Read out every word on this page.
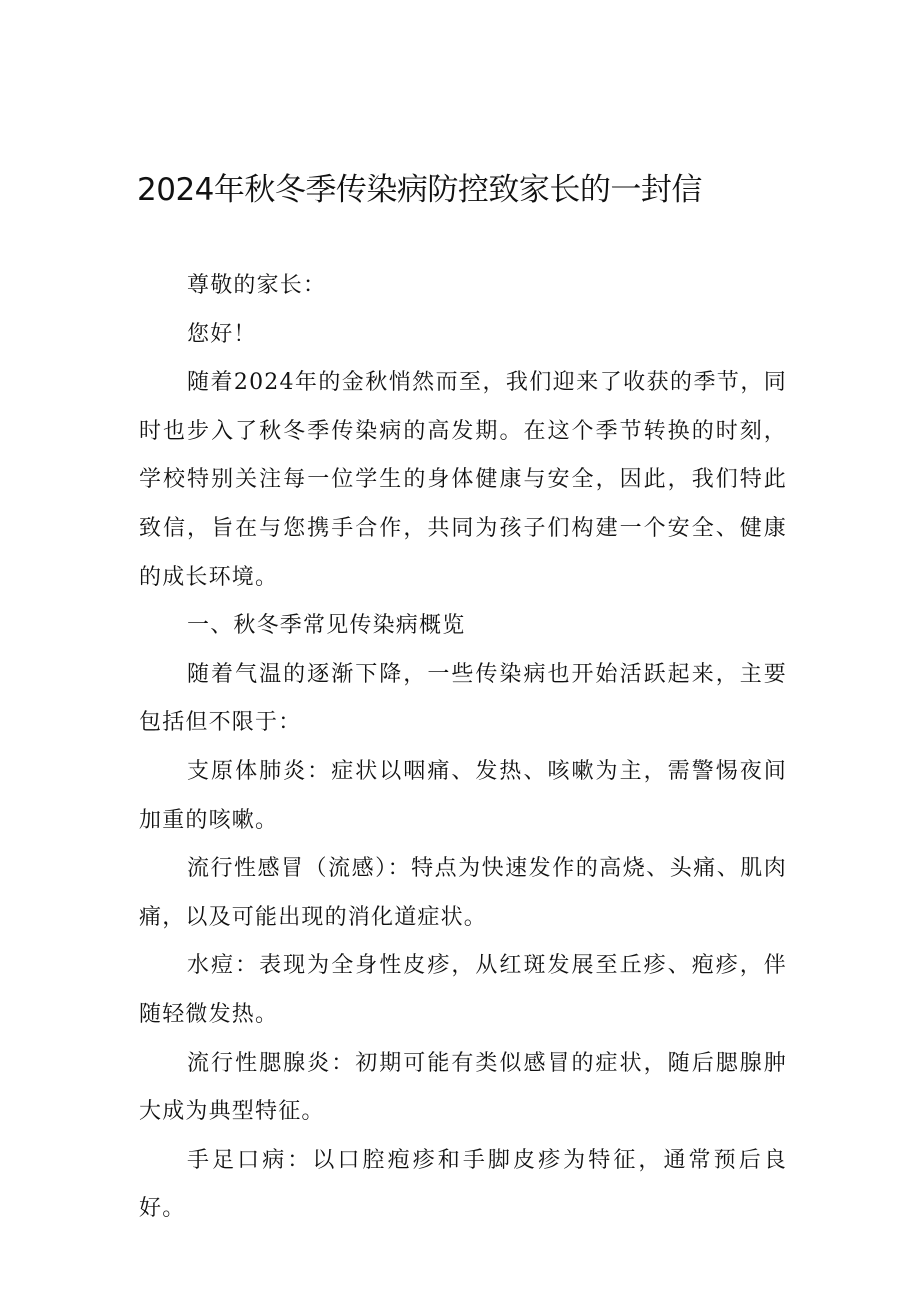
2024年秋冬季传染病防控致家长的一封信

尊敬的家长：

您好！

随着2024年的金秋悄然而至，我们迎来了收获的季节，同时也步入了秋冬季传染病的高发期。在这个季节转换的时刻，学校特别关注每一位学生的身体健康与安全，因此，我们特此致信，旨在与您携手合作，共同为孩子们构建一个安全、健康的成长环境。

一、秋冬季常见传染病概览

随着气温的逐渐下降，一些传染病也开始活跃起来，主要包括但不限于：

支原体肺炎：症状以咽痛、发热、咳嗽为主，需警惕夜间加重的咳嗽。

流行性感冒（流感）：特点为快速发作的高烧、头痛、肌肉痛，以及可能出现的消化道症状。

水痘：表现为全身性皮疹，从红斑发展至丘疹、疱疹，伴随轻微发热。

流行性腮腺炎：初期可能有类似感冒的症状，随后腮腺肿大成为典型特征。

手足口病：以口腔疱疹和手脚皮疹为特征，通常预后良好。
